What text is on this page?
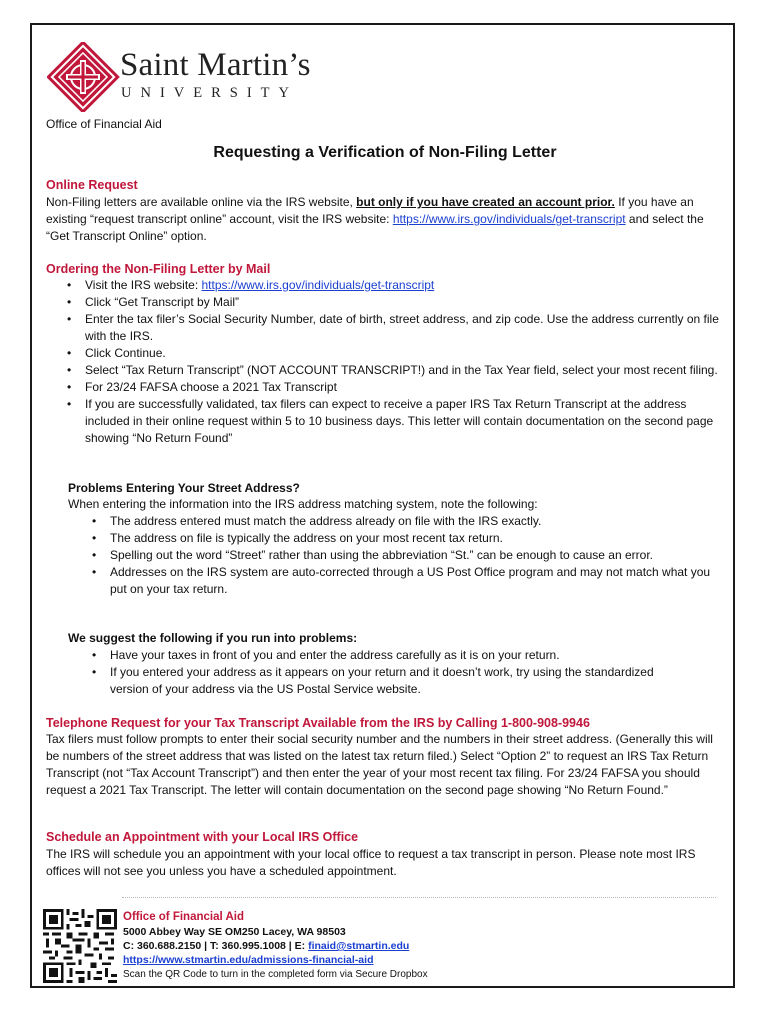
Saint Martin’s
UNIVERSITY
Office of Financial Aid
Requesting a Verification of Non-Filing Letter
Online Request
Non-Filing letters are available online via the IRS website, but only if you have created an account prior. If you have an existing “request transcript online” account, visit the IRS website: https://www.irs.gov/individuals/get-transcript and select the “Get Transcript Online” option.
Ordering the Non-Filing Letter by Mail
• Visit the IRS website: https://www.irs.gov/individuals/get-transcript
• Click “Get Transcript by Mail”
• Enter the tax filer’s Social Security Number, date of birth, street address, and zip code. Use the address currently on file with the IRS.
• Click Continue.
• Select “Tax Return Transcript” (NOT ACCOUNT TRANSCRIPT!) and in the Tax Year field, select your most recent filing.
• For 23/24 FAFSA choose a 2021 Tax Transcript
• If you are successfully validated, tax filers can expect to receive a paper IRS Tax Return Transcript at the address included in their online request within 5 to 10 business days. This letter will contain documentation on the second page showing “No Return Found”
Problems Entering Your Street Address?
When entering the information into the IRS address matching system, note the following:
• The address entered must match the address already on file with the IRS exactly.
• The address on file is typically the address on your most recent tax return.
• Spelling out the word “Street” rather than using the abbreviation “St.” can be enough to cause an error.
• Addresses on the IRS system are auto-corrected through a US Post Office program and may not match what you put on your tax return.
We suggest the following if you run into problems:
• Have your taxes in front of you and enter the address carefully as it is on your return.
• If you entered your address as it appears on your return and it doesn’t work, try using the standardized version of your address via the US Postal Service website.
Telephone Request for your Tax Transcript Available from the IRS by Calling 1-800-908-9946
Tax filers must follow prompts to enter their social security number and the numbers in their street address. (Generally this will be numbers of the street address that was listed on the latest tax return filed.) Select “Option 2” to request an IRS Tax Return Transcript (not “Tax Account Transcript”) and then enter the year of your most recent tax filing. For 23/24 FAFSA you should request a 2021 Tax Transcript. The letter will contain documentation on the second page showing “No Return Found.”
Schedule an Appointment with your Local IRS Office
The IRS will schedule you an appointment with your local office to request a tax transcript in person. Please note most IRS offices will not see you unless you have a scheduled appointment.
Office of Financial Aid
5000 Abbey Way SE OM250 Lacey, WA 98503
C: 360.688.2150 | T: 360.995.1008 | E: finaid@stmartin.edu
https://www.stmartin.edu/admissions-financial-aid
Scan the QR Code to turn in the completed form via Secure Dropbox
